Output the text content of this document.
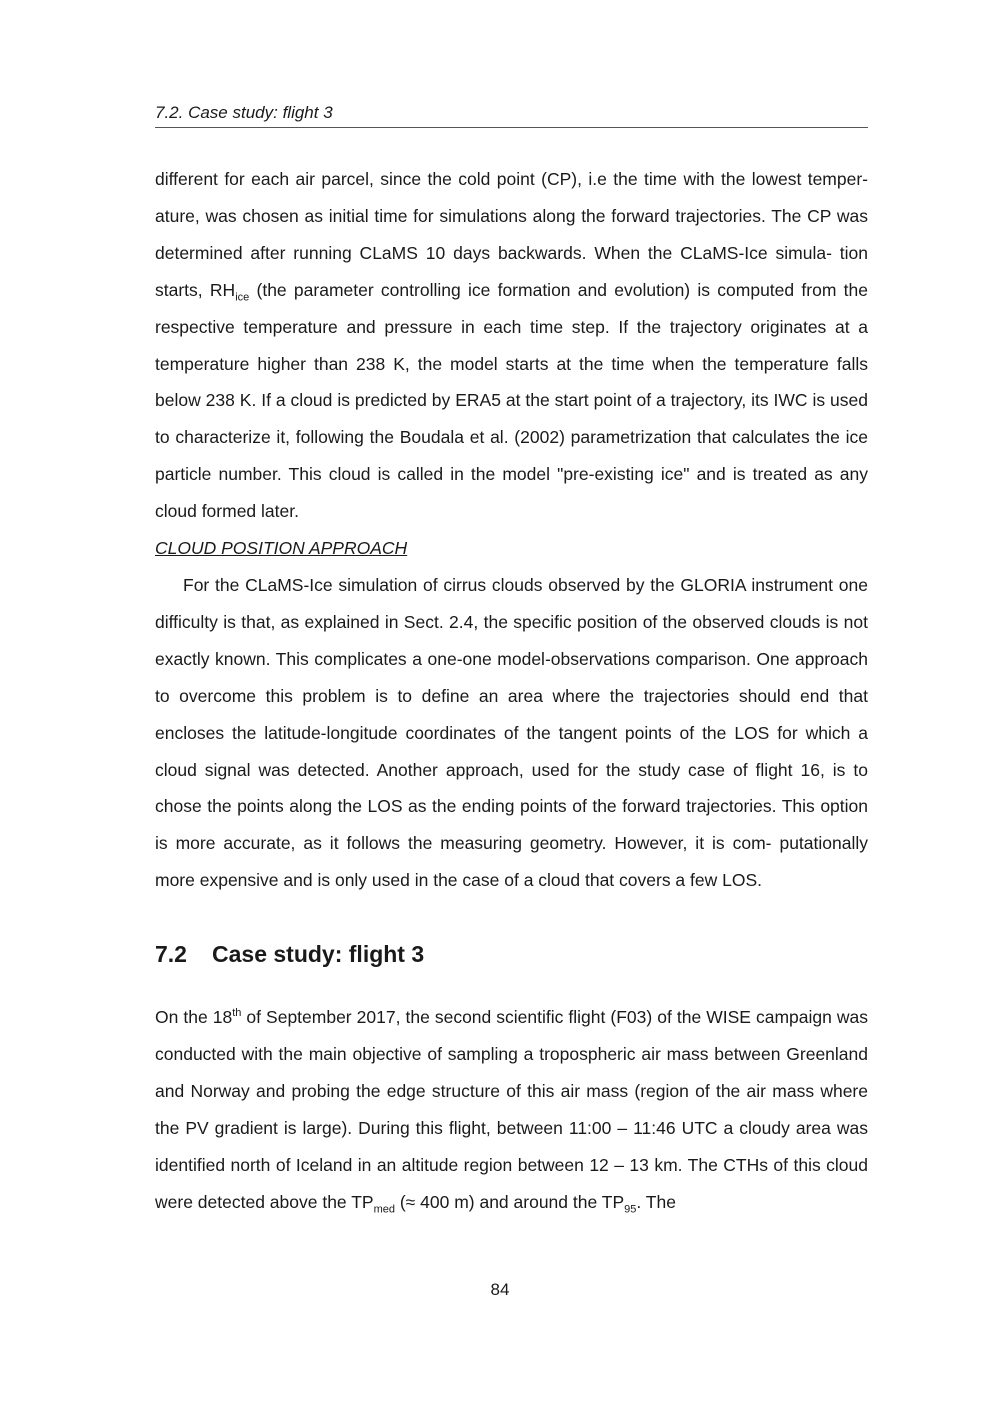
7.2. Case study: flight 3

different for each air parcel, since the cold point (CP), i.e the time with the lowest temper- ature, was chosen as initial time for simulations along the forward trajectories. The CP was determined after running CLaMS 10 days backwards. When the CLaMS-Ice simula- tion starts, $RH_{ice}$ (the parameter controlling ice formation and evolution) is computed from the respective temperature and pressure in each time step. If the trajectory originates at a temperature higher than 238 K, the model starts at the time when the temperature falls below 238 K. If a cloud is predicted by ERA5 at the start point of a trajectory, its IWC is used to characterize it, following the Boudala et al. (2002) parametrization that calculates the ice particle number. This cloud is called in the model "pre-existing ice" and is treated as any cloud formed later.

CLOUD POSITION APPROACH

For the CLaMS-Ice simulation of cirrus clouds observed by the GLORIA instrument one difficulty is that, as explained in Sect. 2.4, the specific position of the observed clouds is not exactly known. This complicates a one-one model-observations comparison. One approach to overcome this problem is to define an area where the trajectories should end that encloses the latitude-longitude coordinates of the tangent points of the LOS for which a cloud signal was detected. Another approach, used for the study case of flight 16, is to chose the points along the LOS as the ending points of the forward trajectories. This option is more accurate, as it follows the measuring geometry. However, it is com- putationally more expensive and is only used in the case of a cloud that covers a few LOS.

7.2 Case study: flight 3

On the 18th of September 2017, the second scientific flight (F03) of the WISE campaign was conducted with the main objective of sampling a tropospheric air mass between Greenland and Norway and probing the edge structure of this air mass (region of the air mass where the PV gradient is large). During this flight, between 11:00 – 11:46 UTC a cloudy area was identified north of Iceland in an altitude region between 12 – 13 km. The CTHs of this cloud were detected above the $TP_{med}$ (≈ 400 m) and around the $TP_{95}$. The

84
